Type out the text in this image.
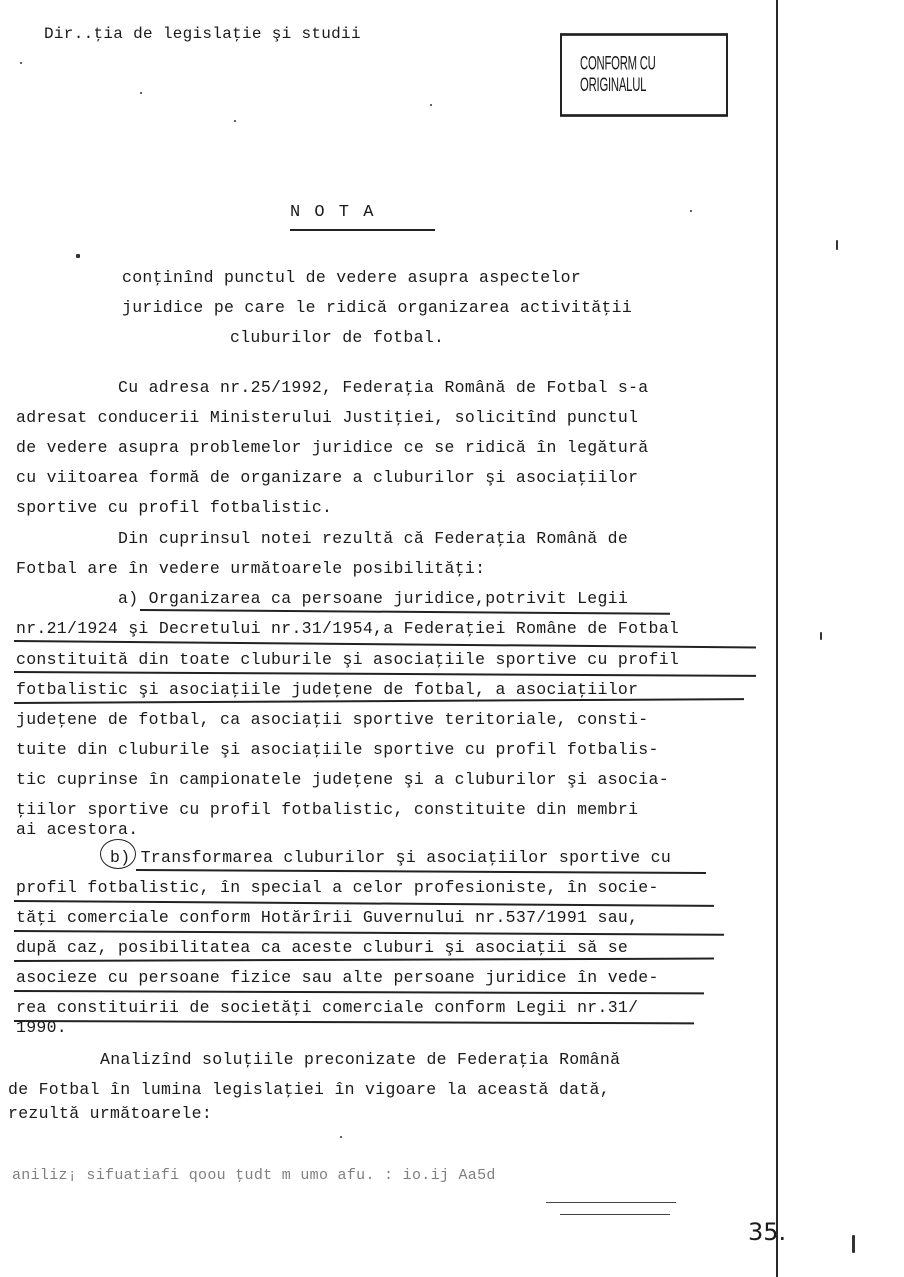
Dir..ţia de legislaţie şi studii
CONFORM CU ORIGINALUL
N O T A
conţinînd punctul de vedere asupra aspectelor
juridice pe care le ridică organizarea activităţii
cluburilor de fotbal.
Cu adresa nr.25/1992, Federaţia Română de Fotbal s-a
adresat conducerii Ministerului Justiţiei, solicitînd punctul
de vedere asupra problemelor juridice ce se ridică în legătură
cu viitoarea formă de organizare a cluburilor şi asociaţiilor
sportive cu profil fotbalistic.
Din cuprinsul notei rezultă că Federaţia Română de
Fotbal are în vedere următoarele posibilităţi:
a) Organizarea ca persoane juridice,potrivit Legii
nr.21/1924 şi Decretului nr.31/1954,a Federaţiei Române de Fotbal
constituită din toate cluburile şi asociaţiile sportive cu profil
fotbalistic şi asociaţiile judeţene de fotbal, a asociaţiilor
judeţene de fotbal, ca asociaţii sportive teritoriale, consti-
tuite din cluburile şi asociaţiile sportive cu profil fotbalis-
tic cuprinse în campionatele judeţene şi a cluburilor şi asocia-
ţiilor sportive cu profil fotbalistic, constituite din membri
ai acestora.
b) Transformarea cluburilor şi asociaţiilor sportive cu
profil fotbalistic, în special a celor profesioniste, în socie-
tăţi comerciale conform Hotărîrii Guvernului nr.537/1991 sau,
după caz, posibilitatea ca aceste cluburi şi asociaţii să se
asocieze cu persoane fizice sau alte persoane juridice în vede-
rea constituirii de societăţi comerciale conform Legii nr.31/
1990.
Analizînd soluţiile preconizate de Federaţia Română
de Fotbal în lumina legislaţiei în vigoare la această dată,
rezultă următoarele:
aniliz¡ sifuatiafi qoou ţudt m umo afu. : io.ij Aa5d
35.
